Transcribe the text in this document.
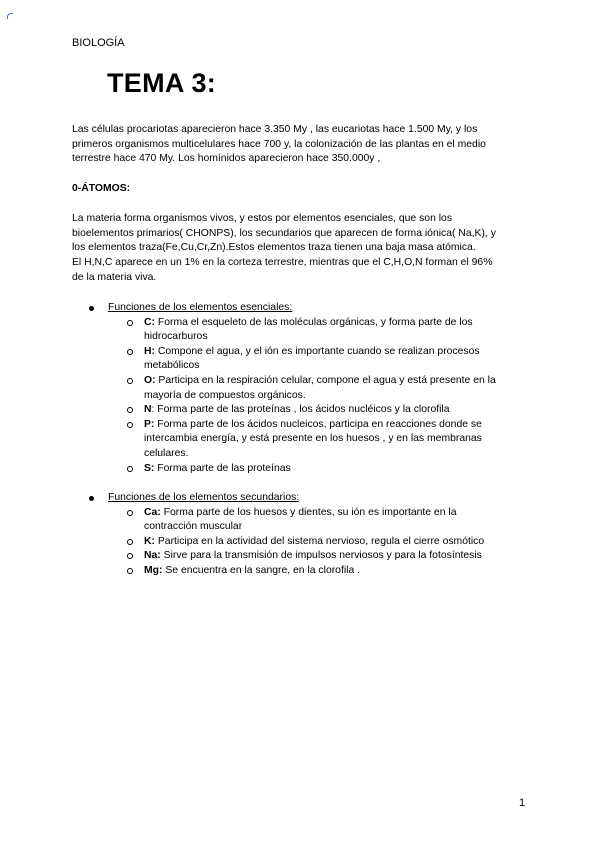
BIOLOGÍA
TEMA 3:
Las células procariotas aparecieron hace 3.350 My , las eucariotas hace 1.500 My, y los
primeros organismos multicelulares hace 700 y, la colonización de las plantas en el medio
terrestre hace 470 My. Los homínidos aparecieron hace 350.000y ,
0-ÁTOMOS:
La materia forma organismos vivos, y estos por elementos esenciales, que son los
bioelementos primarios( CHONPS), los secundarios que aparecen de forma iónica( Na,K), y
los elementos traza(Fe,Cu,Cr,Zn).Estos elementos traza tienen una baja masa atómica.
El H,N,C aparece en un 1% en la corteza terrestre, mientras que el C,H,O,N forman el 96%
de la materia viva.
Funciones de los elementos esenciales:
C: Forma el esqueleto de las moléculas orgánicas, y forma parte de los
hidrocarburos
H: Compone el agua, y el ión es importante cuando se realizan procesos
metabólicos
O: Participa en la respiración celular, compone el agua y está presente en la
mayoría de compuestos orgánicos.
N: Forma parte de las proteínas , los ácidos nucléicos y la clorofila
P: Forma parte de los ácidos nucleicos, participa en reacciones donde se
intercambia energía, y está presente en los huesos , y en las membranas
celulares.
S: Forma parte de las proteínas
Funciones de los elementos secundarios:
Ca: Forma parte de los huesos y dientes, su ión es importante en la
contracción muscular
K: Participa en la actividad del sistema nervioso, regula el cierre osmótico
Na: Sirve para la transmisión de impulsos nerviosos y para la fotosíntesis
Mg: Se encuentra en la sangre, en la clorofila .
1
